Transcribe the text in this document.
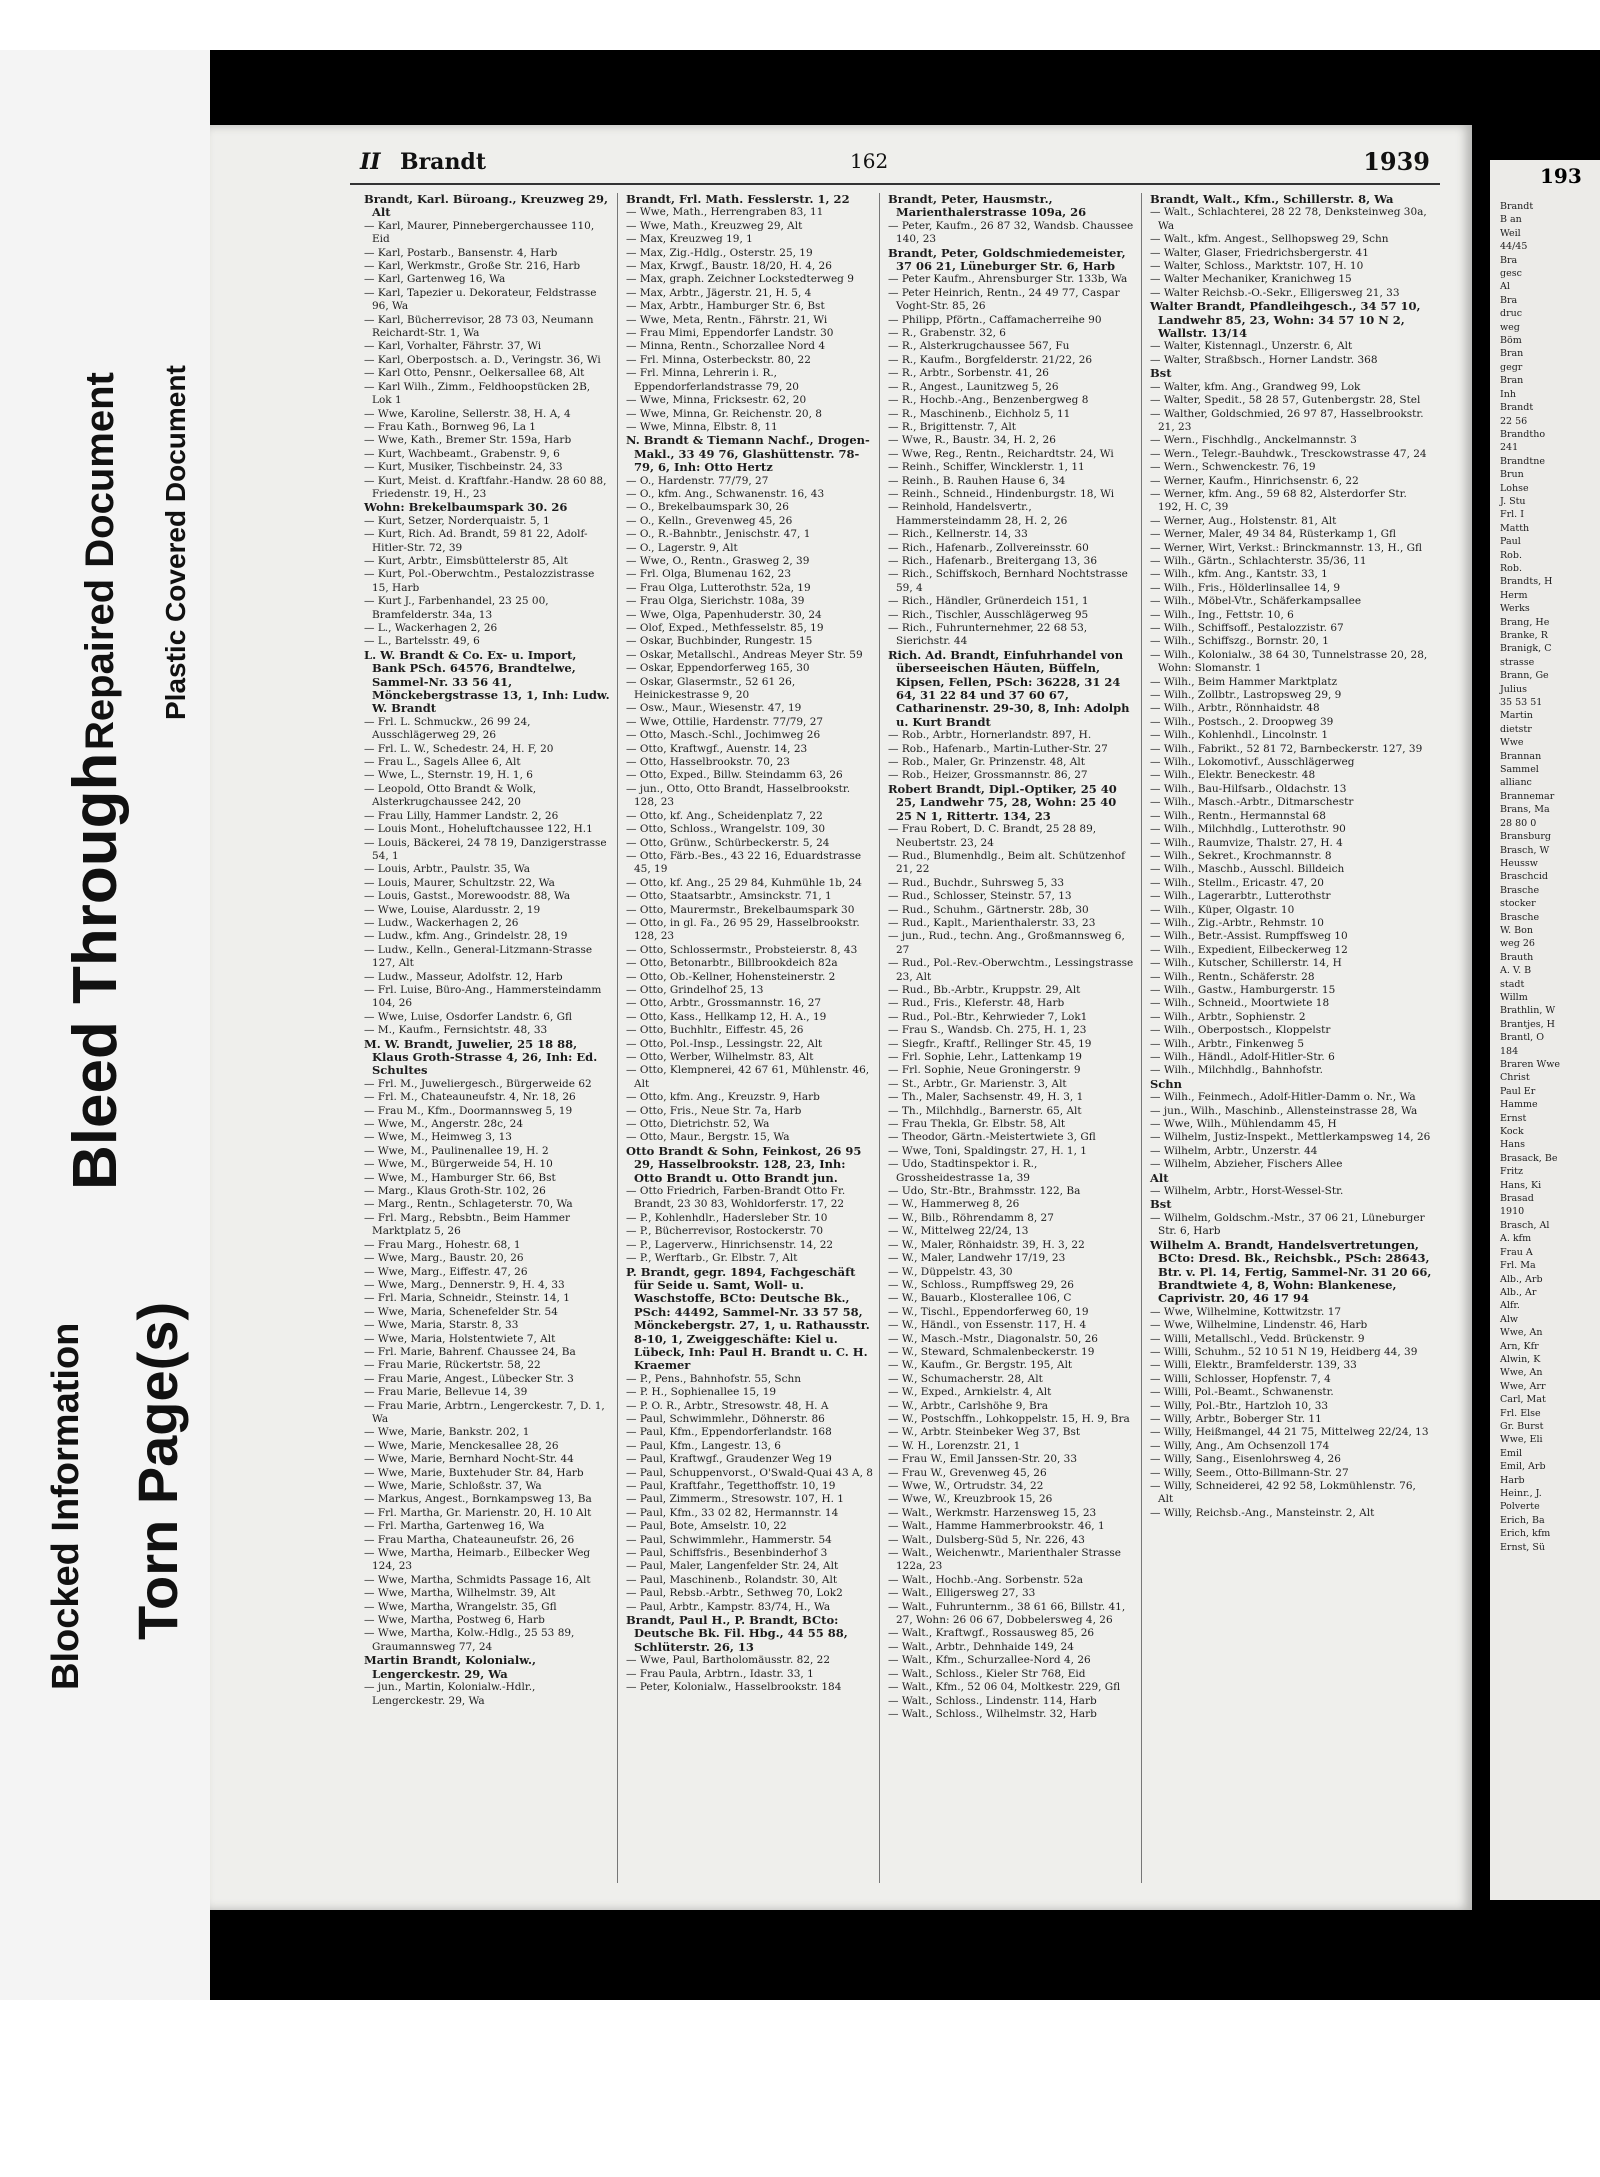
Blocked Information
Bleed Through
Torn Page(s)
Repaired Document Plastic Covered Document
II Brandt	162	1939
Brandt, Karl. Büroang., Kreuzweg 29, Alt
— Karl, Maurer, Pinnebergerchaussee 110, Eid
— Karl, Postarb., Bansenstr. 4, Harb
— Karl, Werkmstr., Große Str. 216, Harb
— Karl, Gartenweg 16, Wa
— Karl, Tapezier u. Dekorateur, Feldstrasse 96, Wa
— Karl, Bücherrevisor, 28 73 03, Neumann Reichardt-Str. 1, Wa
— Karl, Vorhalter, Fährstr. 37, Wi
— Karl, Oberpostsch. a. D., Veringstr. 36, Wi
— Karl Otto, Pensnr., Oelkersallee 68, Alt
— Karl Wilh., Zimm., Feldhoopstücken 2B, Lok 1
— Wwe, Karoline, Sellerstr. 38, H. A, 4
— Frau Kath., Bornweg 96, La 1
— Wwe, Kath., Bremer Str. 159a, Harb
— Kurt, Wachbeamt., Grabenstr. 9, 6
— Kurt, Musiker, Tischbeinstr. 24, 33
— Kurt, Meist. d. Kraftfahr.-Handw. 28 60 88, Friedenstr. 19, H., 23
Wohn: Brekelbaumspark 30. 26
— Kurt, Setzer, Norderquaistr. 5, 1
— Kurt, Rich. Ad. Brandt, 59 81 22, Adolf-Hitler-Str. 72, 39
— Kurt, Arbtr., Eimsbüttelerstr 85, Alt
— Kurt, Pol.-Oberwchtm., Pestalozzistrasse 15, Harb
— Kurt J., Farbenhandel, 23 25 00, Bramfelderstr. 34a, 13
— L., Wackerhagen 2, 26
— L., Bartelsstr. 49, 6
L. W. Brandt & Co. Ex- u. Import, Bank PSch. 64576, Brandtelwe, Sammel-Nr. 33 56 41, Mönckebergstrasse 13, 1, Inh: Ludw. W. Brandt
— Frl. L. Schmuckw., 26 99 24, Ausschlägerweg 29, 26
— Frl. L. W., Schedestr. 24, H. F, 20
— Frau L., Sagels Allee 6, Alt
— Wwe, L., Sternstr. 19, H. 1, 6
— Leopold, Otto Brandt & Wolk, Alsterkrugchaussee 242, 20
— Frau Lilly, Hammer Landstr. 2, 26
— Louis Mont., Hoheluftchaussee 122, H.1
— Louis, Bäckerei, 24 78 19, Danzigerstrasse 54, 1
— Louis, Arbtr., Paulstr. 35, Wa
— Louis, Maurer, Schultzstr. 22, Wa
— Louis, Gastst., Morewoodstr. 88, Wa
— Wwe, Louise, Alardusstr. 2, 19
— Ludw., Wackerhagen 2, 26
— Ludw., kfm. Ang., Grindelstr. 28, 19
— Ludw., Kelln., General-Litzmann-Strasse 127, Alt
— Ludw., Masseur, Adolfstr. 12, Harb
— Frl. Luise, Büro-Ang., Hammersteindamm 104, 26
— Wwe, Luise, Osdorfer Landstr. 6, Gfl
— M., Kaufm., Fernsichtstr. 48, 33
M. W. Brandt, Juwelier, 25 18 88, Klaus Groth-Strasse 4, 26, Inh: Ed. Schultes
— Frl. M., Juweliergesch., Bürgerweide 62
— Frl. M., Chateauneufstr. 4, Nr. 18, 26
— Frau M., Kfm., Doormannsweg 5, 19
— Wwe, M., Angerstr. 28c, 24
— Wwe, M., Heimweg 3, 13
— Wwe, M., Paulinenallee 19, H. 2
— Wwe, M., Bürgerweide 54, H. 10
— Wwe, M., Hamburger Str. 66, Bst
— Marg., Klaus Groth-Str. 102, 26
— Marg., Rentn., Schlageterstr. 70, Wa
— Frl. Marg., Rebsbtn., Beim Hammer Marktplatz 5, 26
— Frau Marg., Hohestr. 68, 1
— Wwe, Marg., Baustr. 20, 26
— Wwe, Marg., Eiffestr. 47, 26
— Wwe, Marg., Dennerstr. 9, H. 4, 33
— Frl. Maria, Schneidr., Steinstr. 14, 1
— Wwe, Maria, Schenefelder Str. 54
— Wwe, Maria, Starstr. 8, 33
— Wwe, Maria, Holstentwiete 7, Alt
— Frl. Marie, Bahrenf. Chaussee 24, Ba
— Frau Marie, Rückertstr. 58, 22
— Frau Marie, Angest., Lübecker Str. 3
— Frau Marie, Bellevue 14, 39
— Frau Marie, Arbtrn., Lengerckestr. 7, D. 1, Wa
— Wwe, Marie, Bankstr. 202, 1
— Wwe, Marie, Menckesallee 28, 26
— Wwe, Marie, Bernhard Nocht-Str. 44
— Wwe, Marie, Buxtehuder Str. 84, Harb
— Wwe, Marie, Schloßstr. 37, Wa
— Markus, Angest., Bornkampsweg 13, Ba
— Frl. Martha, Gr. Marienstr. 20, H. 10 Alt
— Frl. Martha, Gartenweg 16, Wa
— Frau Martha, Chateauneufstr. 26, 26
— Wwe, Martha, Heimarb., Eilbecker Weg 124, 23
— Wwe, Martha, Schmidts Passage 16, Alt
— Wwe, Martha, Wilhelmstr. 39, Alt
— Wwe, Martha, Wrangelstr. 35, Gfl
— Wwe, Martha, Postweg 6, Harb
— Wwe, Martha, Kolw.-Hdlg., 25 53 89, Graumannsweg 77, 24
Martin Brandt, Kolonialw., Lengerckestr. 29, Wa
— jun., Martin, Kolonialw.-Hdlr., Lengerckestr. 29, Wa
Brandt, Frl. Math. Fesslerstr. 1, 22
— Wwe, Math., Herrengraben 83, 11
— Wwe, Math., Kreuzweg 29, Alt
— Max, Kreuzweg 19, 1
— Max, Zig.-Hdlg., Osterstr. 25, 19
— Max, Krwgf., Baustr. 18/20, H. 4, 26
— Max, graph. Zeichner Lockstedterweg 9
— Max, Arbtr., Jägerstr. 21, H. 5, 4
— Max, Arbtr., Hamburger Str. 6, Bst
— Wwe, Meta, Rentn., Fährstr. 21, Wi
— Frau Mimi, Eppendorfer Landstr. 30
— Minna, Rentn., Schorzallee Nord 4
— Frl. Minna, Osterbeckstr. 80, 22
— Frl. Minna, Lehrerin i. R., Eppendorferlandstrasse 79, 20
— Wwe, Minna, Fricksestr. 62, 20
— Wwe, Minna, Gr. Reichenstr. 20, 8
— Wwe, Minna, Elbstr. 8, 11
N. Brandt & Tiemann Nachf., Drogen-Makl., 33 49 76, Glashüttenstr. 78-79, 6, Inh: Otto Hertz
— O., Hardenstr. 77/79, 27
— O., kfm. Ang., Schwanenstr. 16, 43
— O., Brekelbaumspark 30, 26
— O., Kelln., Grevenweg 45, 26
— O., R.-Bahnbtr., Jenischstr. 47, 1
— O., Lagerstr. 9, Alt
— Wwe, O., Rentn., Grasweg 2, 39
— Frl. Olga, Blumenau 162, 23
— Frau Olga, Lutterothstr. 52a, 19
— Frau Olga, Sierichstr. 108a, 39
— Wwe, Olga, Papenhuderstr. 30, 24
— Olof, Exped., Methfesselstr. 85, 19
— Oskar, Buchbinder, Rungestr. 15
— Oskar, Metallschl., Andreas Meyer Str. 59
— Oskar, Eppendorferweg 165, 30
— Oskar, Glasermstr., 52 61 26, Heinickestrasse 9, 20
— Osw., Maur., Wiesenstr. 47, 19
— Wwe, Ottilie, Hardenstr. 77/79, 27
— Otto, Masch.-Schl., Jochimweg 26
— Otto, Kraftwgf., Auenstr. 14, 23
— Otto, Hasselbrookstr. 70, 23
— Otto, Exped., Billw. Steindamm 63, 26
— jun., Otto, Otto Brandt, Hasselbrookstr. 128, 23
— Otto, kf. Ang., Scheidenplatz 7, 22
— Otto, Schloss., Wrangelstr. 109, 30
— Otto, Grünw., Schürbeckerstr. 5, 24
— Otto, Färb.-Bes., 43 22 16, Eduardstrasse 45, 19
— Otto, kf. Ang., 25 29 84, Kuhmühle 1b, 24
— Otto, Staatsarbtr., Amsinckstr. 71, 1
— Otto, Maurermstr., Brekelbaumspark 30
— Otto, in gl. Fa., 26 95 29, Hasselbrookstr. 128, 23
— Otto, Schlossermstr., Probsteierstr. 8, 43
— Otto, Betonarbtr., Billbrookdeich 82a
— Otto, Ob.-Kellner, Hohensteinerstr. 2
— Otto, Grindelhof 25, 13
— Otto, Arbtr., Grossmannstr. 16, 27
— Otto, Kass., Hellkamp 12, H. A., 19
— Otto, Buchhltr., Eiffestr. 45, 26
— Otto, Pol.-Insp., Lessingstr. 22, Alt
— Otto, Werber, Wilhelmstr. 83, Alt
— Otto, Klempnerei, 42 67 61, Mühlenstr. 46, Alt
— Otto, kfm. Ang., Kreuzstr. 9, Harb
— Otto, Fris., Neue Str. 7a, Harb
— Otto, Dietrichstr. 52, Wa
— Otto, Maur., Bergstr. 15, Wa
Otto Brandt & Sohn, Feinkost, 26 95 29, Hasselbrookstr. 128, 23, Inh: Otto Brandt u. Otto Brandt jun.
— Otto Friedrich, Farben-Brandt Otto Fr. Brandt, 23 30 83, Wohldorferstr. 17, 22
— P., Kohlenhdlr., Hadersleber Str. 10
— P., Bücherrevisor, Rostockerstr. 70
— P., Lagerverw., Hinrichsenstr. 14, 22
— P., Werftarb., Gr. Elbstr. 7, Alt
P. Brandt, gegr. 1894, Fachgeschäft für Seide u. Samt, Woll- u. Waschstoffe, BCto: Deutsche Bk., PSch: 44492, Sammel-Nr. 33 57 58, Mönckebergstr. 27, 1, u. Rathausstr. 8-10, 1, Zweiggeschäfte: Kiel u. Lübeck, Inh: Paul H. Brandt u. C. H. Kraemer
— P., Pens., Bahnhofstr. 55, Schn
— P. H., Sophienallee 15, 19
— P. O. R., Arbtr., Stresowstr. 48, H. A
— Paul, Schwimmlehr., Döhnerstr. 86
— Paul, Kfm., Eppendorferlandstr. 168
— Paul, Kfm., Langestr. 13, 6
— Paul, Kraftwgf., Graudenzer Weg 19
— Paul, Schuppenvorst., O'Swald-Quai 43 A, 8
— Paul, Kraftfahr., Tegetthoffstr. 10, 19
— Paul, Zimmerm., Stresowstr. 107, H. 1
— Paul, Kfm., 33 02 82, Hermannstr. 14
— Paul, Bote, Amselstr. 10, 22
— Paul, Schwimmlehr., Hammerstr. 54
— Paul, Schiffsfris., Besenbinderhof 3
— Paul, Maler, Langenfelder Str. 24, Alt
— Paul, Maschinenb., Rolandstr. 30, Alt
— Paul, Rebsb.-Arbtr., Sethweg 70, Lok2
— Paul, Arbtr., Kampstr. 83/74, H., Wa
Brandt, Paul H., P. Brandt, BCto: Deutsche Bk. Fil. Hbg., 44 55 88, Schlüterstr. 26, 13
— Wwe, Paul, Bartholomäusstr. 82, 22
— Frau Paula, Arbtrn., Idastr. 33, 1
— Peter, Kolonialw., Hasselbrookstr. 184
Brandt, Peter, Hausmstr., Marienthalerstrasse 109a, 26
— Peter, Kaufm., 26 87 32, Wandsb. Chaussee 140, 23
Brandt, Peter, Goldschmiedemeister, 37 06 21, Lüneburger Str. 6, Harb
— Peter Kaufm., Ahrensburger Str. 133b, Wa
— Peter Heinrich, Rentn., 24 49 77, Caspar Voght-Str. 85, 26
— Philipp, Pförtn., Caffamacherreihe 90
— R., Grabenstr. 32, 6
— R., Alsterkrugchaussee 567, Fu
— R., Kaufm., Borgfelderstr. 21/22, 26
— R., Arbtr., Sorbenstr. 41, 26
— R., Angest., Launitzweg 5, 26
— R., Hochb.-Ang., Benzenbergweg 8
— R., Maschinenb., Eichholz 5, 11
— R., Brigittenstr. 7, Alt
— Wwe, R., Baustr. 34, H. 2, 26
— Wwe, Reg., Rentn., Reichardtstr. 24, Wi
— Reinh., Schiffer, Wincklerstr. 1, 11
— Reinh., B. Rauhen Hause 6, 34
— Reinh., Schneid., Hindenburgstr. 18, Wi
— Reinhold, Handelsvertr., Hammersteindamm 28, H. 2, 26
— Rich., Kellnerstr. 14, 33
— Rich., Hafenarb., Zollvereinsstr. 60
— Rich., Hafenarb., Breitergang 13, 36
— Rich., Schiffskoch, Bernhard Nochtstrasse 59, 4
— Rich., Händler, Grünerdeich 151, 1
— Rich., Tischler, Ausschlägerweg 95
— Rich., Fuhrunternehmer, 22 68 53, Sierichstr. 44
Rich. Ad. Brandt, Einfuhrhandel von überseeischen Häuten, Büffeln, Kipsen, Fellen, PSch: 36228, 31 24 64, 31 22 84 und 37 60 67, Catharinenstr. 29-30, 8, Inh: Adolph u. Kurt Brandt
— Rob., Arbtr., Hornerlandstr. 897, H.
— Rob., Hafenarb., Martin-Luther-Str. 27
— Rob., Maler, Gr. Prinzenstr. 48, Alt
— Rob., Heizer, Grossmannstr. 86, 27
Robert Brandt, Dipl.-Optiker, 25 40 25, Landwehr 75, 28, Wohn: 25 40 25 N 1, Rittertr. 134, 23
— Frau Robert, D. C. Brandt, 25 28 89, Neubertstr. 23, 24
— Rud., Blumenhdlg., Beim alt. Schützenhof 21, 22
— Rud., Buchdr., Suhrsweg 5, 33
— Rud., Schlosser, Steinstr. 57, 13
— Rud., Schuhm., Gärtnerstr. 28b, 30
— Rud., Kaplt., Marienthalerstr. 33, 23
— jun., Rud., techn. Ang., Großmannsweg 6, 27
— Rud., Pol.-Rev.-Oberwchtm., Lessingstrasse 23, Alt
— Rud., Bb.-Arbtr., Kruppstr. 29, Alt
— Rud., Fris., Kleferstr. 48, Harb
— Rud., Pol.-Btr., Kehrwieder 7, Lok1
— Frau S., Wandsb. Ch. 275, H. 1, 23
— Siegfr., Kraftf., Rellinger Str. 45, 19
— Frl. Sophie, Lehr., Lattenkamp 19
— Frl. Sophie, Neue Groningerstr. 9
— St., Arbtr., Gr. Marienstr. 3, Alt
— Th., Maler, Sachsenstr. 49, H. 3, 1
— Th., Milchhdlg., Barnerstr. 65, Alt
— Frau Thekla, Gr. Elbstr. 58, Alt
— Theodor, Gärtn.-Meistertwiete 3, Gfl
— Wwe, Toni, Spaldingstr. 27, H. 1, 1
— Udo, Stadtinspektor i. R., Grossheidestrasse 1a, 39
— Udo, Str.-Btr., Brahmsstr. 122, Ba
— W., Hammerweg 8, 26
— W., Bilb., Röhrendamm 8, 27
— W., Mittelweg 22/24, 13
— W., Maler, Rönhaidstr. 39, H. 3, 22
— W., Maler, Landwehr 17/19, 23
— W., Düppelstr. 43, 30
— W., Schloss., Rumpffsweg 29, 26
— W., Bauarb., Klosterallee 106, C
— W., Tischl., Eppendorferweg 60, 19
— W., Händl., von Essenstr. 117, H. 4
— W., Masch.-Mstr., Diagonalstr. 50, 26
— W., Steward, Schmalenbeckerstr. 19
— W., Kaufm., Gr. Bergstr. 195, Alt
— W., Schumacherstr. 28, Alt
— W., Exped., Arnkielstr. 4, Alt
— W., Arbtr., Carlshöhe 9, Bra
— W., Postschffn., Lohkoppelstr. 15, H. 9, Bra
— W., Arbtr. Steinbeker Weg 37, Bst
— W. H., Lorenzstr. 21, 1
— Frau W., Emil Janssen-Str. 20, 33
— Frau W., Grevenweg 45, 26
— Wwe, W., Ortrudstr. 34, 22
— Wwe, W., Kreuzbrook 15, 26
— Walt., Werkmstr. Harzensweg 15, 23
— Walt., Hamme Hammerbrookstr. 46, 1
— Walt., Dulsberg-Süd 5, Nr. 226, 43
— Walt., Weichenwtr., Marienthaler Strasse 122a, 23
— Walt., Hochb.-Ang. Sorbenstr. 52a
— Walt., Elligersweg 27, 33
— Walt., Fuhrunternm., 38 61 66, Billstr. 41, 27, Wohn: 26 06 67, Dobbelersweg 4, 26
— Walt., Kraftwgf., Rossausweg 85, 26
— Walt., Arbtr., Dehnhaide 149, 24
— Walt., Kfm., Schurzallee-Nord 4, 26
— Walt., Schloss., Kieler Str 768, Eid
— Walt., Kfm., 52 06 04, Moltkestr. 229, Gfl
— Walt., Schloss., Lindenstr. 114, Harb
— Walt., Schloss., Wilhelmstr. 32, Harb
Brandt, Walt., Kfm., Schillerstr. 8, Wa
— Walt., Schlachterei, 28 22 78, Denksteinweg 30a, Wa
— Walt., kfm. Angest., Sellhopsweg 29, Schn
— Walter, Glaser, Friedrichsbergerstr. 41
— Walter, Schloss., Marktstr. 107, H. 10
— Walter Mechaniker, Kranichweg 15
— Walter Reichsb.-O.-Sekr., Elligersweg 21, 33
Walter Brandt, Pfandleihgesch., 34 57 10, Landwehr 85, 23, Wohn: 34 57 10 N 2, Wallstr. 13/14
— Walter, Kistennagl., Unzerstr. 6, Alt
— Walter, Straßbsch., Horner Landstr. 368
Bst
— Walter, kfm. Ang., Grandweg 99, Lok
— Walter, Spedit., 58 28 57, Gutenbergstr. 28, Stel
— Walther, Goldschmied, 26 97 87, Hasselbrookstr. 21, 23
— Wern., Fischhdlg., Anckelmannstr. 3
— Wern., Telegr.-Bauhdwk., Tresckowstrasse 47, 24
— Wern., Schwenckestr. 76, 19
— Werner, Kaufm., Hinrichsenstr. 6, 22
— Werner, kfm. Ang., 59 68 82, Alsterdorfer Str. 192, H. C, 39
— Werner, Aug., Holstenstr. 81, Alt
— Werner, Maler, 49 34 84, Rüsterkamp 1, Gfl
— Werner, Wirt, Verkst.: Brinckmannstr. 13, H., Gfl
— Wilh., Gärtn., Schlachterstr. 35/36, 11
— Wilh., kfm. Ang., Kantstr. 33, 1
— Wilh., Fris., Hölderlinsallee 14, 9
— Wilh., Möbel-Vtr., Schäferkampsallee
— Wilh., Ing., Fettstr. 10, 6
— Wilh., Schiffsoff., Pestalozzistr. 67
— Wilh., Schiffszg., Bornstr. 20, 1
— Wilh., Kolonialw., 38 64 30, Tunnelstrasse 20, 28, Wohn: Slomanstr. 1
— Wilh., Beim Hammer Marktplatz
— Wilh., Zollbtr., Lastropsweg 29, 9
— Wilh., Arbtr., Rönnhaidstr. 48
— Wilh., Postsch., 2. Droopweg 39
— Wilh., Kohlenhdl., Lincolnstr. 1
— Wilh., Fabrikt., 52 81 72, Barnbeckerstr. 127, 39
— Wilh., Lokomotivf., Ausschlägerweg
— Wilh., Elektr. Beneckestr. 48
— Wilh., Bau-Hilfsarb., Oldachstr. 13
— Wilh., Masch.-Arbtr., Ditmarschestr
— Wilh., Rentn., Hermannstal 68
— Wilh., Milchhdlg., Lutterothstr. 90
— Wilh., Raumvize, Thalstr. 27, H. 4
— Wilh., Sekret., Krochmannstr. 8
— Wilh., Maschb., Ausschl. Billdeich
— Wilh., Stellm., Ericastr. 47, 20
— Wilh., Lagerarbtr., Lutterothstr
— Wilh., Küper, Olgastr. 10
— Wilh., Zig.-Arbtr., Rehmstr. 10
— Wilh., Betr.-Assist. Rumpffsweg 10
— Wilh., Expedient, Eilbeckerweg 12
— Wilh., Kutscher, Schillerstr. 14, H
— Wilh., Rentn., Schäferstr. 28
— Wilh., Gastw., Hamburgerstr. 15
— Wilh., Schneid., Moortwiete 18
— Wilh., Arbtr., Sophienstr. 2
— Wilh., Oberpostsch., Kloppelstr
— Wilh., Arbtr., Finkenweg 5
— Wilh., Händl., Adolf-Hitler-Str. 6
— Wilh., Milchhdlg., Bahnhofstr.
Schn
— Wilh., Feinmech., Adolf-Hitler-Damm o. Nr., Wa
— jun., Wilh., Maschinb., Allensteinstrasse 28, Wa
— Wwe, Wilh., Mühlendamm 45, H
— Wilhelm, Justiz-Inspekt., Mettlerkampsweg 14, 26
— Wilhelm, Arbtr., Unzerstr. 44
— Wilhelm, Abzieher, Fischers Allee
Alt
— Wilhelm, Arbtr., Horst-Wessel-Str.
Bst
— Wilhelm, Goldschm.-Mstr., 37 06 21, Lüneburger Str. 6, Harb
Wilhelm A. Brandt, Handelsvertretungen, BCto: Dresd. Bk., Reichsbk., PSch: 28643, Btr. v. Pl. 14, Fertig, Sammel-Nr. 31 20 66, Brandtwiete 4, 8, Wohn: Blankenese, Caprivistr. 20, 46 17 94
— Wwe, Wilhelmine, Kottwitzstr. 17
— Wwe, Wilhelmine, Lindenstr. 46, Harb
— Willi, Metallschl., Vedd. Brückenstr. 9
— Willi, Schuhm., 52 10 51 N 19, Heidberg 44, 39
— Willi, Elektr., Bramfelderstr. 139, 33
— Willi, Schlosser, Hopfenstr. 7, 4
— Willi, Pol.-Beamt., Schwanenstr.
— Willy, Pol.-Btr., Hartzloh 10, 33
— Willy, Arbtr., Boberger Str. 11
— Willy, Heißmangel, 44 21 75, Mittelweg 22/24, 13
— Willy, Ang., Am Ochsenzoll 174
— Willy, Sang., Eisenlohrsweg 4, 26
— Willy, Seem., Otto-Billmann-Str. 27
— Willy, Schneiderei, 42 92 58, Lokmühlenstr. 76, Alt
— Willy, Reichsb.-Ang., Mansteinstr. 2, Alt
193
Brandt
B an
Weil
44/45
Bra
gesc
Al
Bra
druc
weg
Böm
Bran
gegr
Bran
Inh
Brandt
22 56
Brandtho
241
Brandtne
Brun
Lohse
J. Stu
Frl. I
Matth
Paul
Rob.
Rob.
Brandts, H
Herm
Werks
Brang, He
Branke, R
Branigk, C
strasse
Brann, Ge
Julius
35 53 51
Martin
dietstr
Wwe
Brannan
Sammel
allianc
Brannemar
Brans, Ma
28 80 0
Bransburg
Brasch, W
Heussw
Braschcid
Brasche
stocker
Brasche
W. Bon
weg 26
Brauth
A. V. B
stadt
Willm
Brathlin, W
Brantjes, H
Brantl, O
184
Braren Wwe
Christ
Paul Er
Hamme
Ernst
Kock
Hans
Brasack, Be
Fritz
Hans, Ki
Brasad
1910
Brasch, Al
A. kfm
Frau A
Frl. Ma
Alb., Arb
Alb., Ar
Alfr.
Alw
Wwe, An
Arn, Kfr
Alwin, K
Wwe, An
Wwe, Arr
Carl, Mat
Frl. Else
Gr. Burst
Wwe, Eli
Emil
Emil, Arb
Harb
Heinr., J.
Polverte
Erich, Ba
Erich, kfm
Ernst, Sü
